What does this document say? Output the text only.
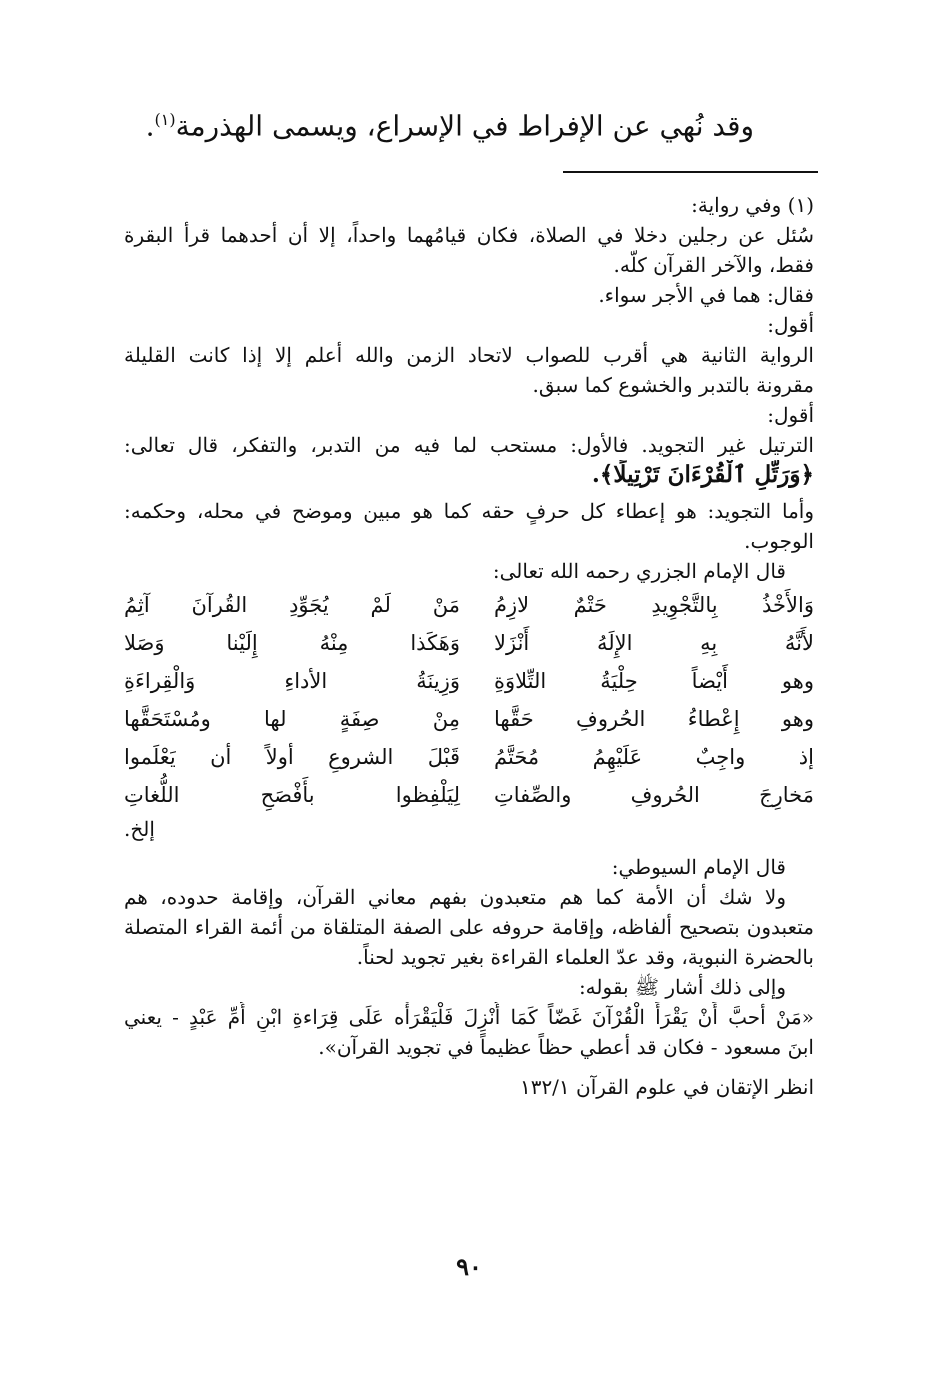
وقد نُهي عن الإفراط في الإسراع، ويسمى الهذرمة$^{(١)}$.
(١) وفي رواية:
سُئل عن رجلين دخلا في الصلاة، فكان قيامُهما واحداً، إلا أن أحدهما قرأ البقرة
فقط، والآخر القرآن كلَّه.
فقال: هما في الأجر سواء.
أقول:
الرواية الثانية هي أقرب للصواب لاتحاد الزمن والله أعلم إلا إذا كانت القليلة
مقرونة بالتدبر والخشوع كما سبق.
أقول:
الترتيل غير التجويد. فالأول: مستحب لما فيه من التدبر، والتفكر، قال تعالى:
﴿وَرَتِّلِ ٱلْقُرْءَانَ تَرْتِيلًا﴾.
وأما التجويد: هو إعطاء كل حرفٍ حقه كما هو مبين وموضح في محله، وحكمه:
الوجوب.
قال الإمام الجزري رحمه الله تعالى:
وَالأَخْذُ بِالتَّجْوِيدِ حَتْمٌ لازِمُ
مَنْ لَمْ يُجَوِّدِ القُرآنَ آثِمُ
لأَنَّهُ بِهِ الإِلَهُ أَنْزَلا
وَهَكَذا مِنْهُ إِلَيْنا وَصَلا
وهو أَيْضاً حِلْيَةُ التِّلاوَةِ
وَزِينَةُ الأداءِ وَالْقِراءَةِ
وهو إِعْطاءُ الحُروفِ حَقَّها
مِنْ صِفَةٍ لها ومُسْتَحَقَّها
إذ واجِبٌ عَلَيْهِمُ مُحَتَّمُ
قَبْلَ الشروعِ أولاً أن يَعْلَموا
مَخارِجَ الحُروفِ والصِّفاتِ
لِيَلْفِظوا بأَفْصَحِ اللُّغاتِ
إلخ.
قال الإمام السيوطي:
ولا شك أن الأمة كما هم متعبدون بفهم معاني القرآن، وإقامة حدوده، هم
متعبدون بتصحيح ألفاظه، وإقامة حروفه على الصفة المتلقاة من أئمة القراء المتصلة
بالحضرة النبوية، وقد عدّ العلماء القراءة بغير تجويد لحناً.
وإلى ذلك أشار ﷺ بقوله:
«مَنْ أحبَّ أَنْ يَقْرَأَ الْقُرْآنَ غَضّاً كَمَا أُنْزِلَ فَلْيَقْرَأْه عَلَى قِرَاءةِ ابْنِ أُمِّ عَبْدٍ - يعني
ابنَ مسعود - فكان قد أعطي حظاً عظيماً في تجويد القرآن».
انظر الإتقان في علوم القرآن ١٣٢/١
٩٠
